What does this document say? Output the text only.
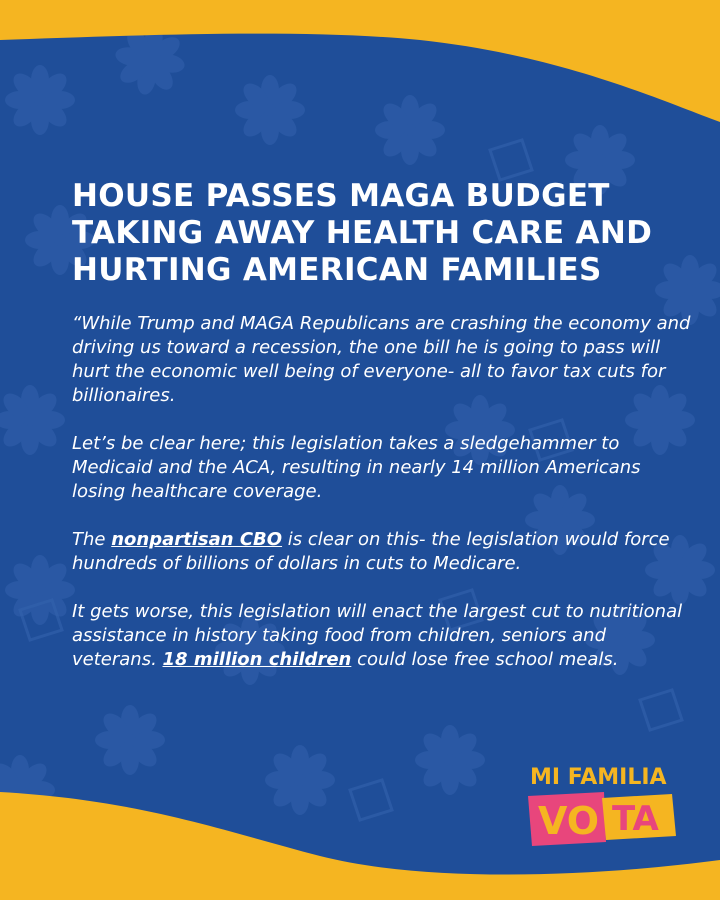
HOUSE PASSES MAGA BUDGET
TAKING AWAY HEALTH CARE AND
HURTING AMERICAN FAMILIES

“While Trump and MAGA Republicans are crashing the economy and driving us toward a recession, the one bill he is going to pass will hurt the economic well being of everyone- all to favor tax cuts for billionaires.

Let’s be clear here; this legislation takes a sledgehammer to Medicaid and the ACA, resulting in nearly 14 million Americans losing healthcare coverage.

The nonpartisan CBO is clear on this- the legislation would force hundreds of billions of dollars in cuts to Medicare.

It gets worse, this legislation will enact the largest cut to nutritional assistance in history taking food from children, seniors and veterans. 18 million children could lose free school meals.

MI FAMILIA
VO TA
